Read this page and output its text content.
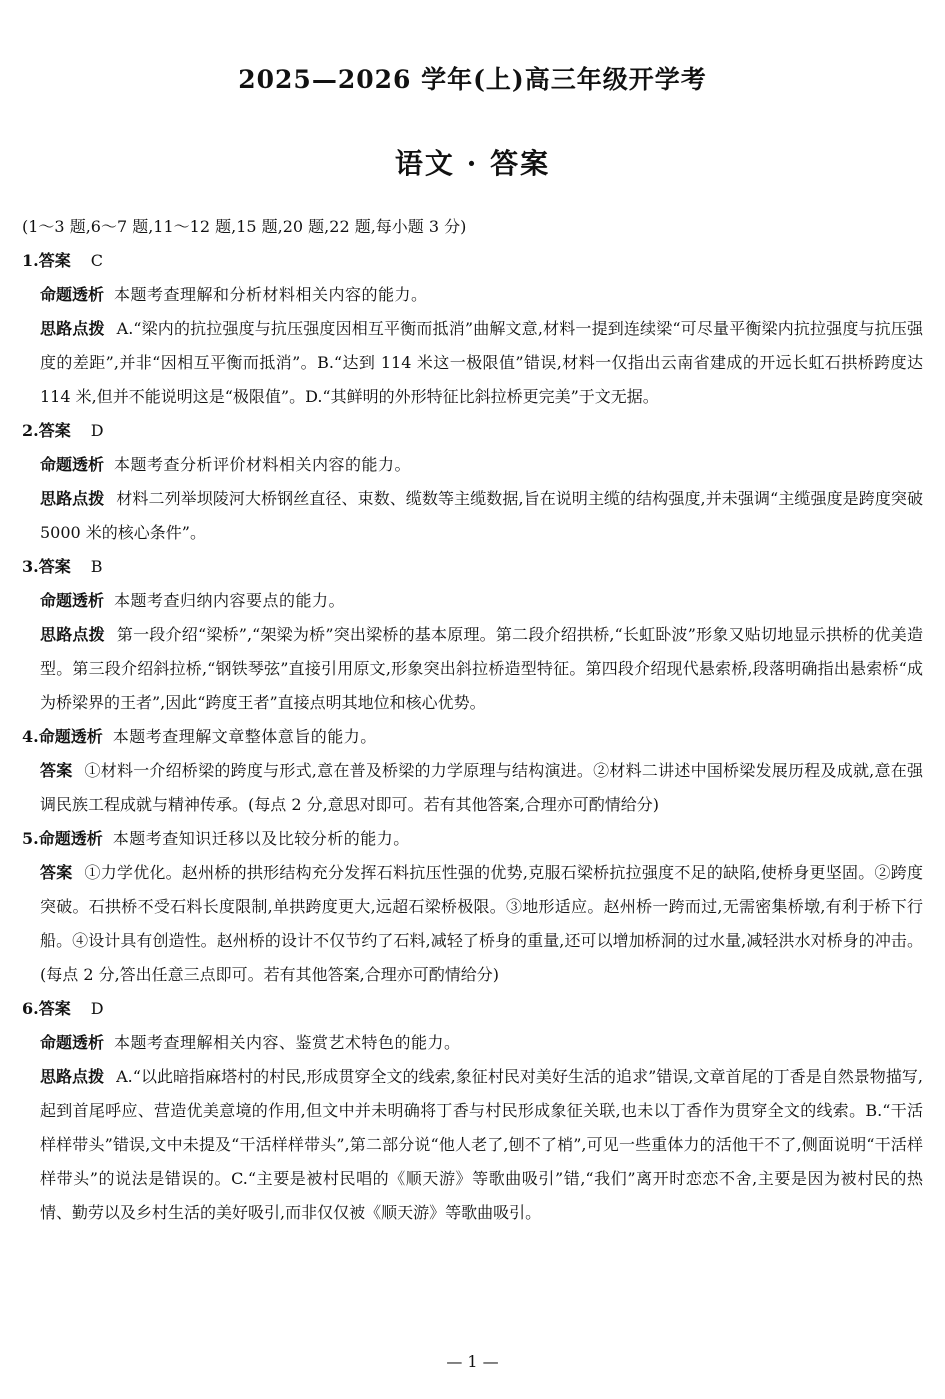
2025—2026 学年(上)高三年级开学考
语文 · 答案
(1～3 题,6～7 题,11～12 题,15 题,20 题,22 题,每小题 3 分)
1.答案 C
命题透析 本题考查理解和分析材料相关内容的能力。

思路点拨 A.“梁内的抗拉强度与抗压强度因相互平衡而抵消”曲解文意,材料一提到连续梁“可尽量平衡梁内抗拉强度与抗压强度的差距”,并非“因相互平衡而抵消”。B.“达到 114 米这一极限值”错误,材料一仅指出云南省建成的开远长虹石拱桥跨度达 114 米,但并不能说明这是“极限值”。D.“其鲜明的外形特征比斜拉桥更完美”于文无据。

2.答案 D
命题透析 本题考查分析评价材料相关内容的能力。

思路点拨 材料二列举坝陵河大桥钢丝直径、束数、缆数等主缆数据,旨在说明主缆的结构强度,并未强调“主缆强度是跨度突破 5000 米的核心条件”。

3.答案 B
命题透析 本题考查归纳内容要点的能力。

思路点拨 第一段介绍“梁桥”,“架梁为桥”突出梁桥的基本原理。第二段介绍拱桥,“长虹卧波”形象又贴切地显示拱桥的优美造型。第三段介绍斜拉桥,“钢铁琴弦”直接引用原文,形象突出斜拉桥造型特征。第四段介绍现代悬索桥,段落明确指出悬索桥“成为桥梁界的王者”,因此“跨度王者”直接点明其地位和核心优势。

4.命题透析 本题考查理解文章整体意旨的能力。

答案 ①材料一介绍桥梁的跨度与形式,意在普及桥梁的力学原理与结构演进。②材料二讲述中国桥梁发展历程及成就,意在强调民族工程成就与精神传承。(每点 2 分,意思对即可。若有其他答案,合理亦可酌情给分)

5.命题透析 本题考查知识迁移以及比较分析的能力。

答案 ①力学优化。赵州桥的拱形结构充分发挥石料抗压性强的优势,克服石梁桥抗拉强度不足的缺陷,使桥身更坚固。②跨度突破。石拱桥不受石料长度限制,单拱跨度更大,远超石梁桥极限。③地形适应。赵州桥一跨而过,无需密集桥墩,有利于桥下行船。④设计具有创造性。赵州桥的设计不仅节约了石料,减轻了桥身的重量,还可以增加桥洞的过水量,减轻洪水对桥身的冲击。(每点 2 分,答出任意三点即可。若有其他答案,合理亦可酌情给分)

6.答案 D
命题透析 本题考查理解相关内容、鉴赏艺术特色的能力。

思路点拨 A.“以此暗指麻塔村的村民,形成贯穿全文的线索,象征村民对美好生活的追求”错误,文章首尾的丁香是自然景物描写,起到首尾呼应、营造优美意境的作用,但文中并未明确将丁香与村民形成象征关联,也未以丁香作为贯穿全文的线索。B.“干活样样带头”错误,文中未提及“干活样样带头”,第二部分说“他人老了,刨不了梢”,可见一些重体力的活他干不了,侧面说明“干活样样带头”的说法是错误的。C.“主要是被村民唱的《顺天游》等歌曲吸引”错,“我们”离开时恋恋不舍,主要是因为被村民的热情、勤劳以及乡村生活的美好吸引,而非仅仅被《顺天游》等歌曲吸引。

— 1 —
